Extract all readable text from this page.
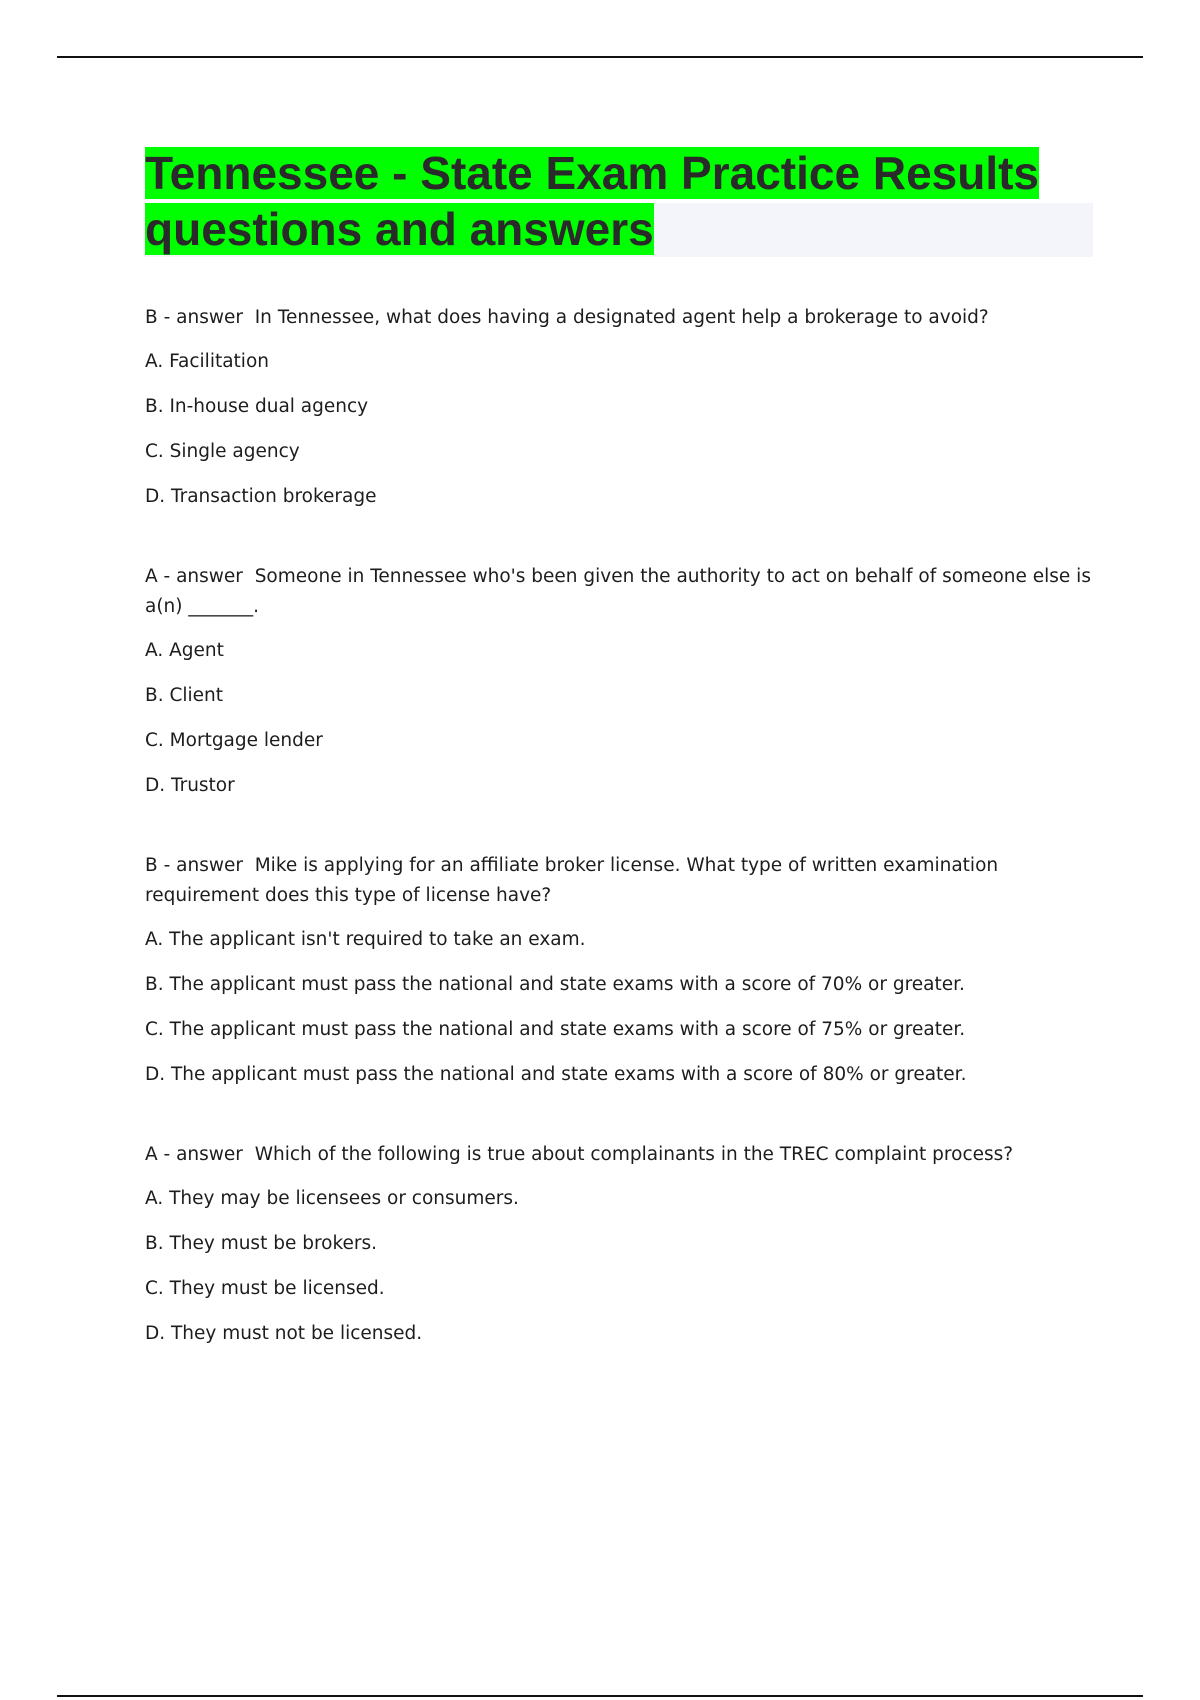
Tennessee - State Exam Practice Results
questions and answers

B - answer In Tennessee, what does having a designated agent help a brokerage to avoid?

A. Facilitation

B. In-house dual agency

C. Single agency

D. Transaction brokerage

A - answer Someone in Tennessee who's been given the authority to act on behalf of someone else is a(n) _______.

A. Agent

B. Client

C. Mortgage lender

D. Trustor

B - answer Mike is applying for an affiliate broker license. What type of written examination requirement does this type of license have?

A. The applicant isn't required to take an exam.

B. The applicant must pass the national and state exams with a score of 70% or greater.

C. The applicant must pass the national and state exams with a score of 75% or greater.

D. The applicant must pass the national and state exams with a score of 80% or greater.

A - answer Which of the following is true about complainants in the TREC complaint process?

A. They may be licensees or consumers.

B. They must be brokers.

C. They must be licensed.

D. They must not be licensed.
